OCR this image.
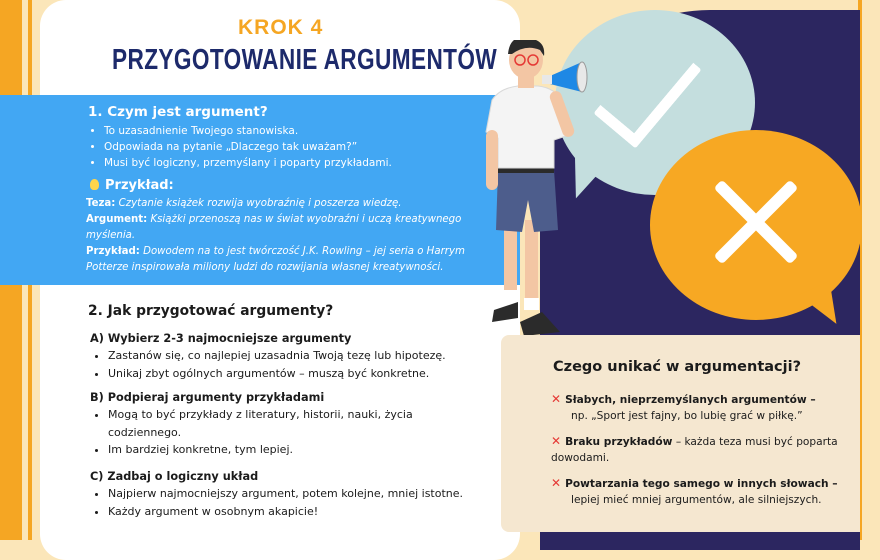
KROK 4
PRZYGOTOWANIE ARGUMENTÓW
1. Czym jest argument?
• To uzasadnienie Twojego stanowiska.
• Odpowiada na pytanie „Dlaczego tak uważam?”
• Musi być logiczny, przemyślany i poparty przykładami.
Przykład:
Teza: Czytanie książek rozwija wyobraźnię i poszerza wiedzę.
Argument: Książki przenoszą nas w świat wyobraźni i uczą kreatywnego myślenia.
Przykład: Dowodem na to jest twórczość J.K. Rowling – jej seria o Harrym Potterze inspirowała miliony ludzi do rozwijania własnej kreatywności.
2. Jak przygotować argumenty?
A) Wybierz 2-3 najmocniejsze argumenty
• Zastanów się, co najlepiej uzasadnia Twoją tezę lub hipotezę.
• Unikaj zbyt ogólnych argumentów – muszą być konkretne.
B) Podpieraj argumenty przykładami
• Mogą to być przykłady z literatury, historii, nauki, życia codziennego.
• Im bardziej konkretne, tym lepiej.
C) Zadbaj o logiczny układ
• Najpierw najmocniejszy argument, potem kolejne, mniej istotne.
• Każdy argument w osobnym akapicie!
Czego unikać w argumentacji?
✕ Słabych, nieprzemyślanych argumentów –
np. „Sport jest fajny, bo lubię grać w piłkę.”
✕ Braku przykładów – każda teza musi być poparta dowodami.
✕ Powtarzania tego samego w innych słowach –
lepiej mieć mniej argumentów, ale silniejszych.
